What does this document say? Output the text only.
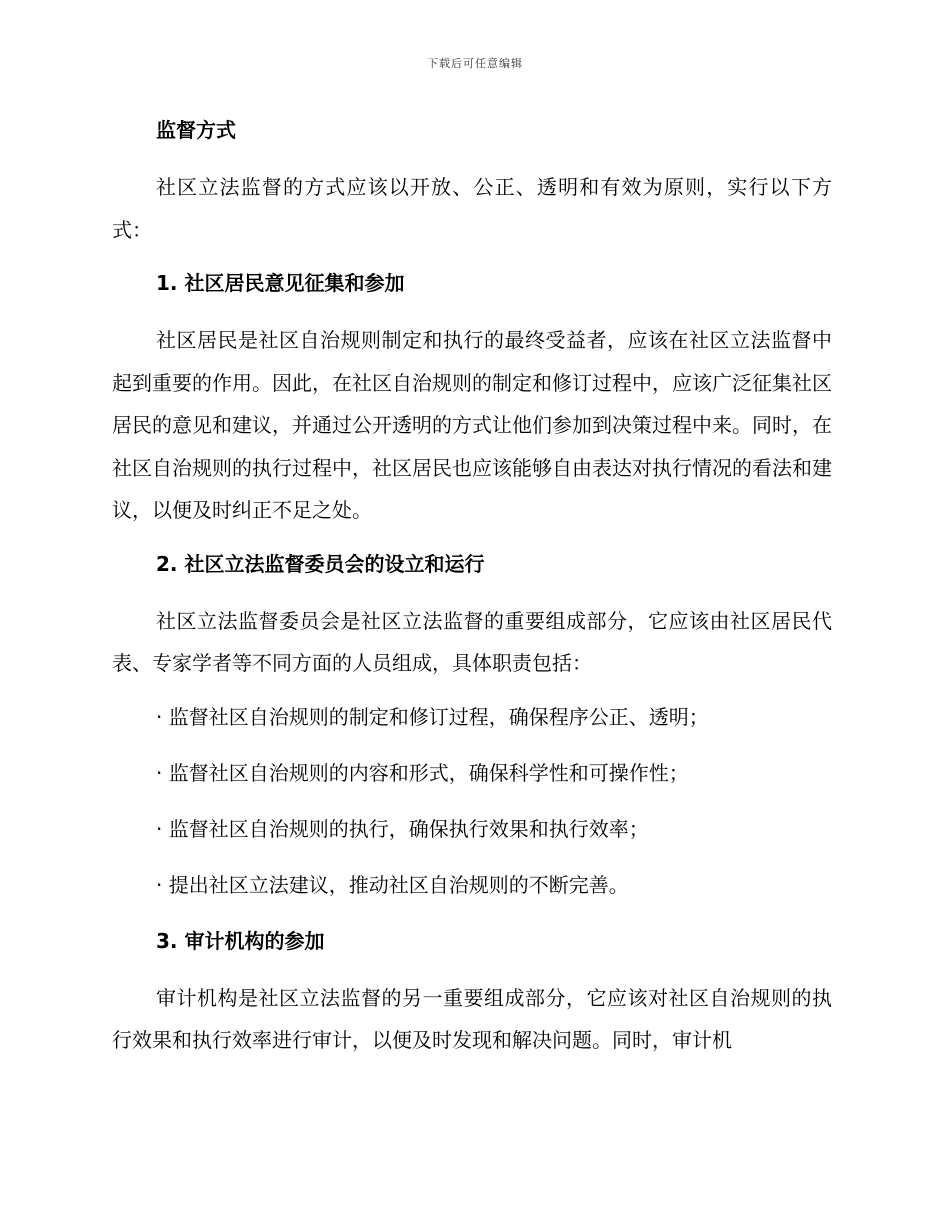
下载后可任意编辑
监督方式

社区立法监督的方式应该以开放、公正、透明和有效为原则，实行以下方式：

1. 社区居民意见征集和参加

社区居民是社区自治规则制定和执行的最终受益者，应该在社区立法监督中起到重要的作用。因此，在社区自治规则的制定和修订过程中，应该广泛征集社区居民的意见和建议，并通过公开透明的方式让他们参加到决策过程中来。同时，在社区自治规则的执行过程中，社区居民也应该能够自由表达对执行情况的看法和建议，以便及时纠正不足之处。

2. 社区立法监督委员会的设立和运行

社区立法监督委员会是社区立法监督的重要组成部分，它应该由社区居民代表、专家学者等不同方面的人员组成，具体职责包括：

· 监督社区自治规则的制定和修订过程，确保程序公正、透明；
· 监督社区自治规则的内容和形式，确保科学性和可操作性；
· 监督社区自治规则的执行，确保执行效果和执行效率；
· 提出社区立法建议，推动社区自治规则的不断完善。
3. 审计机构的参加

审计机构是社区立法监督的另一重要组成部分，它应该对社区自治规则的执行效果和执行效率进行审计，以便及时发现和解决问题。同时，审计机
